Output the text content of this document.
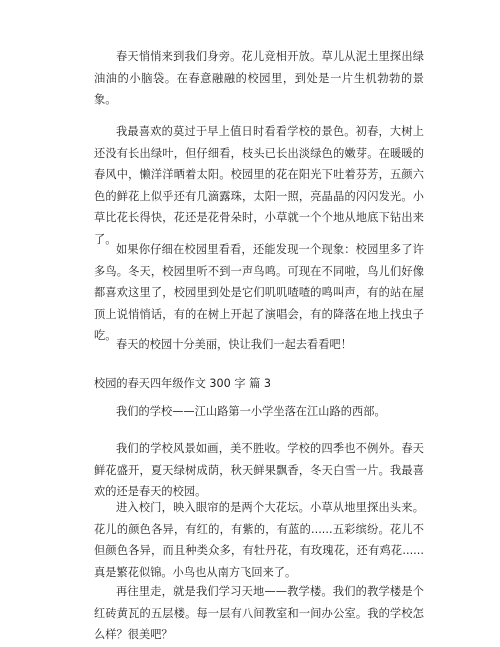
春天悄悄来到我们身旁。花儿竞相开放。草儿从泥土里探出绿油油的小脑袋。在春意融融的校园里，到处是一片生机勃勃的景象。

我最喜欢的莫过于早上值日时看看学校的景色。初春，大树上还没有长出绿叶，但仔细看，枝头已长出淡绿色的嫩芽。在暖暖的春风中，懒洋洋晒着太阳。校园里的花在阳光下吐着芬芳，五颜六色的鲜花上似乎还有几滴露珠，太阳一照，亮晶晶的闪闪发光。小草比花长得快，花还是花骨朵时，小草就一个个地从地底下钻出来了。

如果你仔细在校园里看看，还能发现一个现象：校园里多了许多鸟。冬天，校园里听不到一声鸟鸣。可现在不同啦，鸟儿们好像都喜欢这里了，校园里到处是它们叽叽喳喳的鸣叫声，有的站在屋顶上说悄悄话，有的在树上开起了演唱会，有的降落在地上找虫子吃。

春天的校园十分美丽，快让我们一起去看看吧！

校园的春天四年级作文 300 字 篇 3

我们的学校——江山路第一小学坐落在江山路的西部。

我们的学校风景如画，美不胜收。学校的四季也不例外。春天鲜花盛开，夏天绿树成荫，秋天鲜果飘香，冬天白雪一片。我最喜欢的还是春天的校园。

进入校门，映入眼帘的是两个大花坛。小草从地里探出头来。花儿的颜色各异，有红的，有紫的，有蓝的......五彩缤纷。花儿不但颜色各异，而且种类众多，有牡丹花，有玫瑰花，还有鸡花......真是繁花似锦。小鸟也从南方飞回来了。

再往里走，就是我们学习天地——教学楼。我们的教学楼是个红砖黄瓦的五层楼。每一层有八间教室和一间办公室。我的学校怎么样？很美吧？
